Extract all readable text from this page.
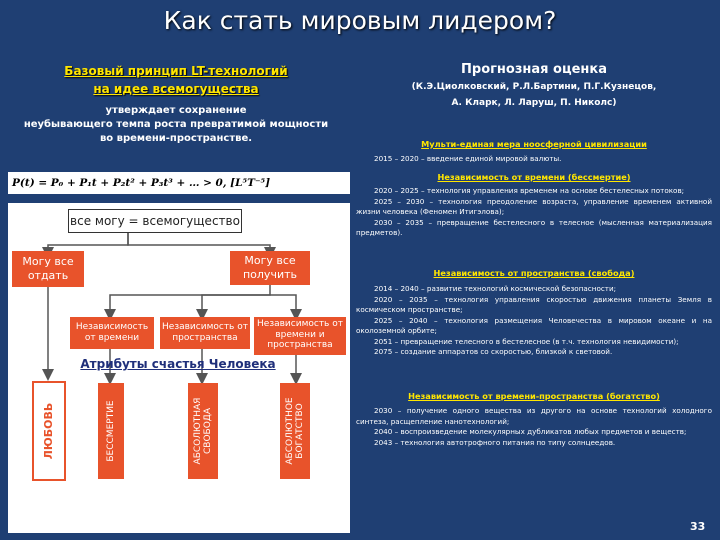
Как стать мировым лидером?
Базовый принцип LT-технологий
на идее всемогущества
утверждает сохранение
неубывающего темпа роста превратимой мощности
во времени-пространстве.
P(t) = P₀ + P₁t + P₂t² + P₃t³ + … > 0, [L⁵T⁻⁵]
все могу = всемогущество
Могу все отдать
Могу все получить
Независимость от времени
Независимость от пространства
Независимость от времени и пространства
Атрибуты счастья Человека
ЛЮБОВЬ	БЕССМЕРТИЕ	АБСОЛЮТНАЯ СВОБОДА	АБСОЛЮТНОЕ БОГАТСТВО
Прогнозная оценка
(К.Э.Циолковский, Р.Л.Бартини, П.Г.Кузнецов,
А. Кларк, Л. Ларуш, П. Николс)
Мульти-единая мера ноосферной цивилизации
2015 – 2020 – введение единой мировой валюты.
Независимость от времени (бессмертие)
2020 – 2025 – технология управления временем на основе бестелесных потоков;
2025 – 2030 – технология преодоление возраста, управление временем активной жизни человека (Феномен Итигэлова);
2030 – 2035 – превращение бестелесного в телесное (мысленная материализация предметов).
Независимость от пространства (свобода)
2014 – 2040 – развитие технологий космической безопасности;
2020 – 2035 – технология управления скоростью движения планеты Земля в космическом пространстве;
2025 – 2040 – технология размещения Человечества в мировом океане и на околоземной орбите;
2051 – превращение телесного в бестелесное (в т.ч. технология невидимости);
2075 – создание аппаратов со скоростью, близкой к световой.
Независимость от времени-пространства (богатство)
2030 – получение одного вещества из другого на основе технологий холодного синтеза, расщепление нанотехнологий;
2040 – воспроизведение молекулярных дубликатов любых предметов и веществ;
2043 – технология автотрофного питания по типу солнцеедов.
33
